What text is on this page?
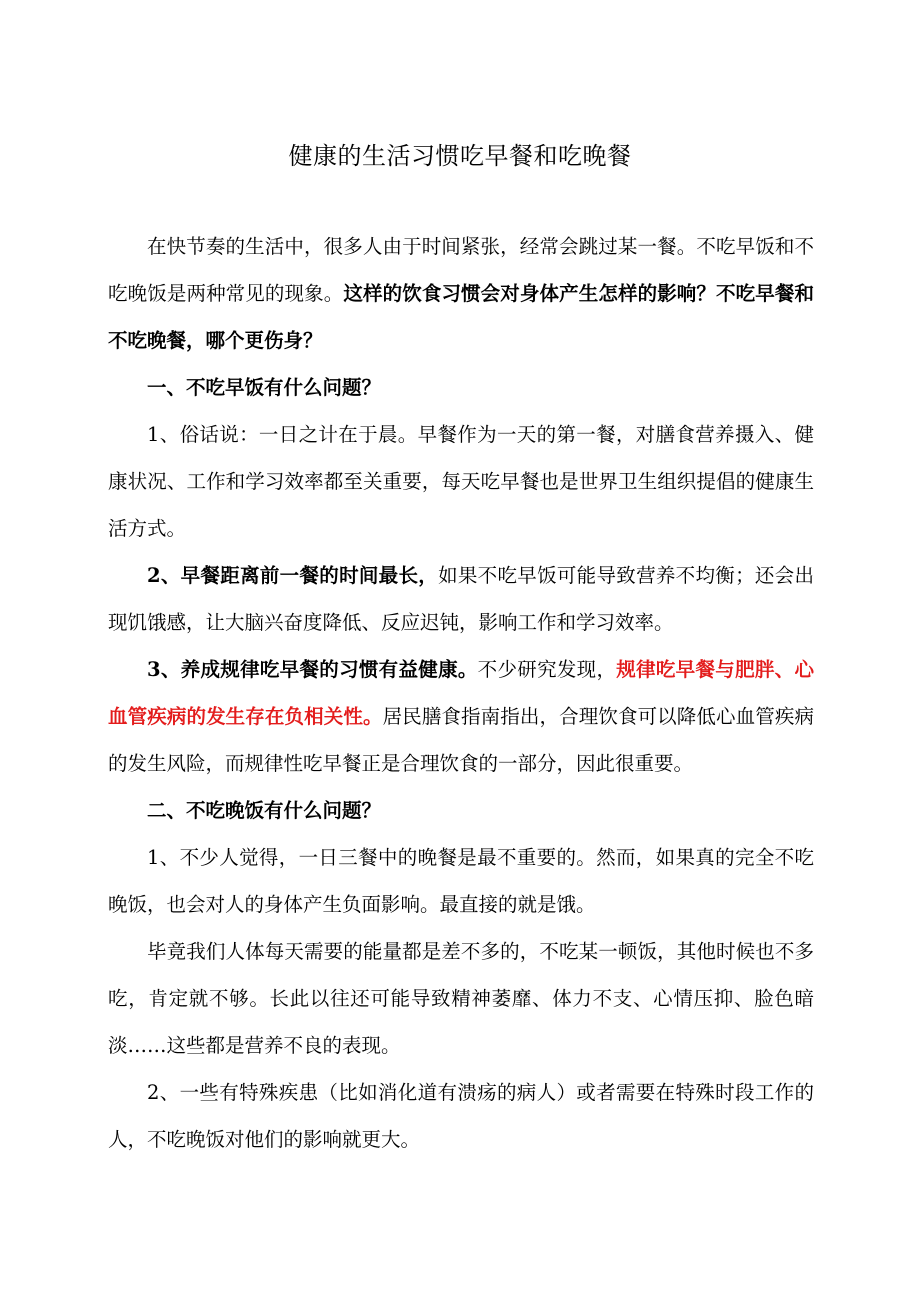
健康的生活习惯吃早餐和吃晚餐

在快节奏的生活中，很多人由于时间紧张，经常会跳过某一餐。不吃早饭和不吃晚饭是两种常见的现象。这样的饮食习惯会对身体产生怎样的影响？不吃早餐和不吃晚餐，哪个更伤身？

一、不吃早饭有什么问题？

1、俗话说：一日之计在于晨。早餐作为一天的第一餐，对膳食营养摄入、健康状况、工作和学习效率都至关重要，每天吃早餐也是世界卫生组织提倡的健康生活方式。

2、早餐距离前一餐的时间最长，如果不吃早饭可能导致营养不均衡；还会出现饥饿感，让大脑兴奋度降低、反应迟钝，影响工作和学习效率。

3、养成规律吃早餐的习惯有益健康。不少研究发现，规律吃早餐与肥胖、心血管疾病的发生存在负相关性。居民膳食指南指出，合理饮食可以降低心血管疾病的发生风险，而规律性吃早餐正是合理饮食的一部分，因此很重要。

二、不吃晚饭有什么问题？

1、不少人觉得，一日三餐中的晚餐是最不重要的。然而，如果真的完全不吃晚饭，也会对人的身体产生负面影响。最直接的就是饿。

毕竟我们人体每天需要的能量都是差不多的，不吃某一顿饭，其他时候也不多吃，肯定就不够。长此以往还可能导致精神萎靡、体力不支、心情压抑、脸色暗淡……这些都是营养不良的表现。

2、一些有特殊疾患（比如消化道有溃疡的病人）或者需要在特殊时段工作的人，不吃晚饭对他们的影响就更大。
